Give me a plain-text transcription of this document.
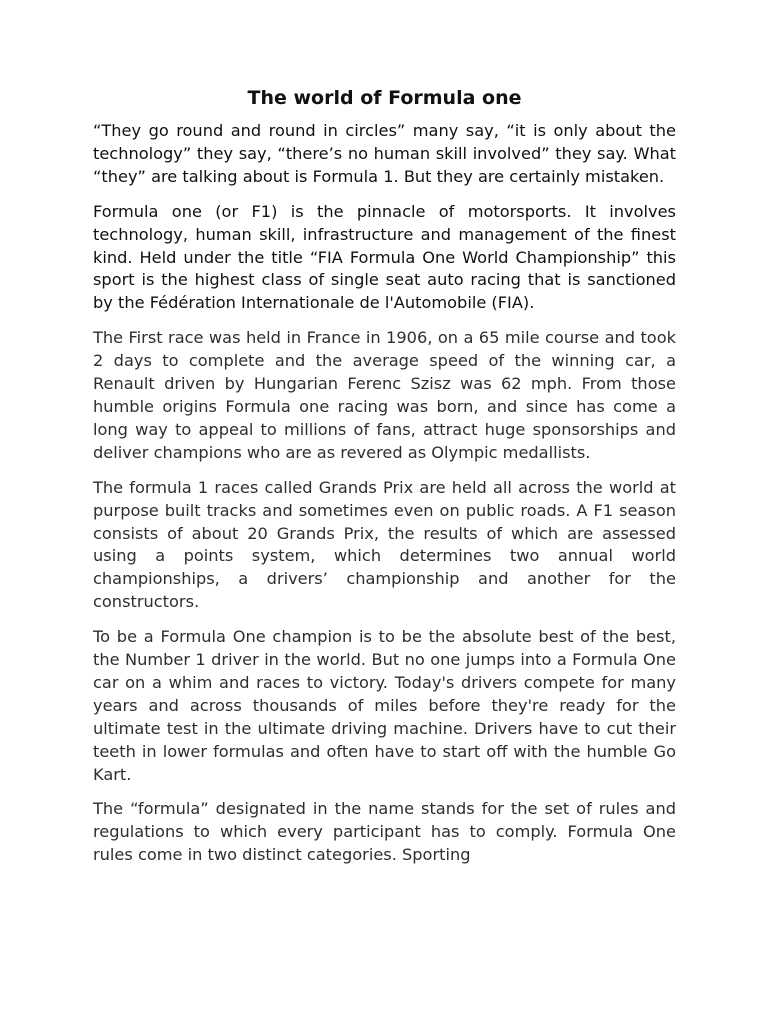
The world of Formula one

“They go round and round in circles” many say, “it is only about the technology” they say, “there’s no human skill involved” they say. What “they” are talking about is Formula 1. But they are certainly mistaken.

Formula one (or F1) is the pinnacle of motorsports. It involves technology, human skill, infrastructure and management of the finest kind. Held under the title “FIA Formula One World Championship” this sport is the highest class of single seat auto racing that is sanctioned by the Fédération Internationale de l'Automobile (FIA).

The First race was held in France in 1906, on a 65 mile course and took 2 days to complete and the average speed of the winning car, a Renault driven by Hungarian Ferenc Szisz was 62 mph. From those humble origins Formula one racing was born, and since has come a long way to appeal to millions of fans, attract huge sponsorships and deliver champions who are as revered as Olympic medallists.

The formula 1 races called Grands Prix are held all across the world at purpose built tracks and sometimes even on public roads. A F1 season consists of about 20 Grands Prix, the results of which are assessed using a points system, which determines two annual world championships, a drivers’ championship and another for the constructors.

To be a Formula One champion is to be the absolute best of the best, the Number 1 driver in the world. But no one jumps into a Formula One car on a whim and races to victory. Today's drivers compete for many years and across thousands of miles before they're ready for the ultimate test in the ultimate driving machine. Drivers have to cut their teeth in lower formulas and often have to start off with the humble Go Kart.

The “formula” designated in the name stands for the set of rules and regulations to which every participant has to comply. Formula One rules come in two distinct categories. Sporting
